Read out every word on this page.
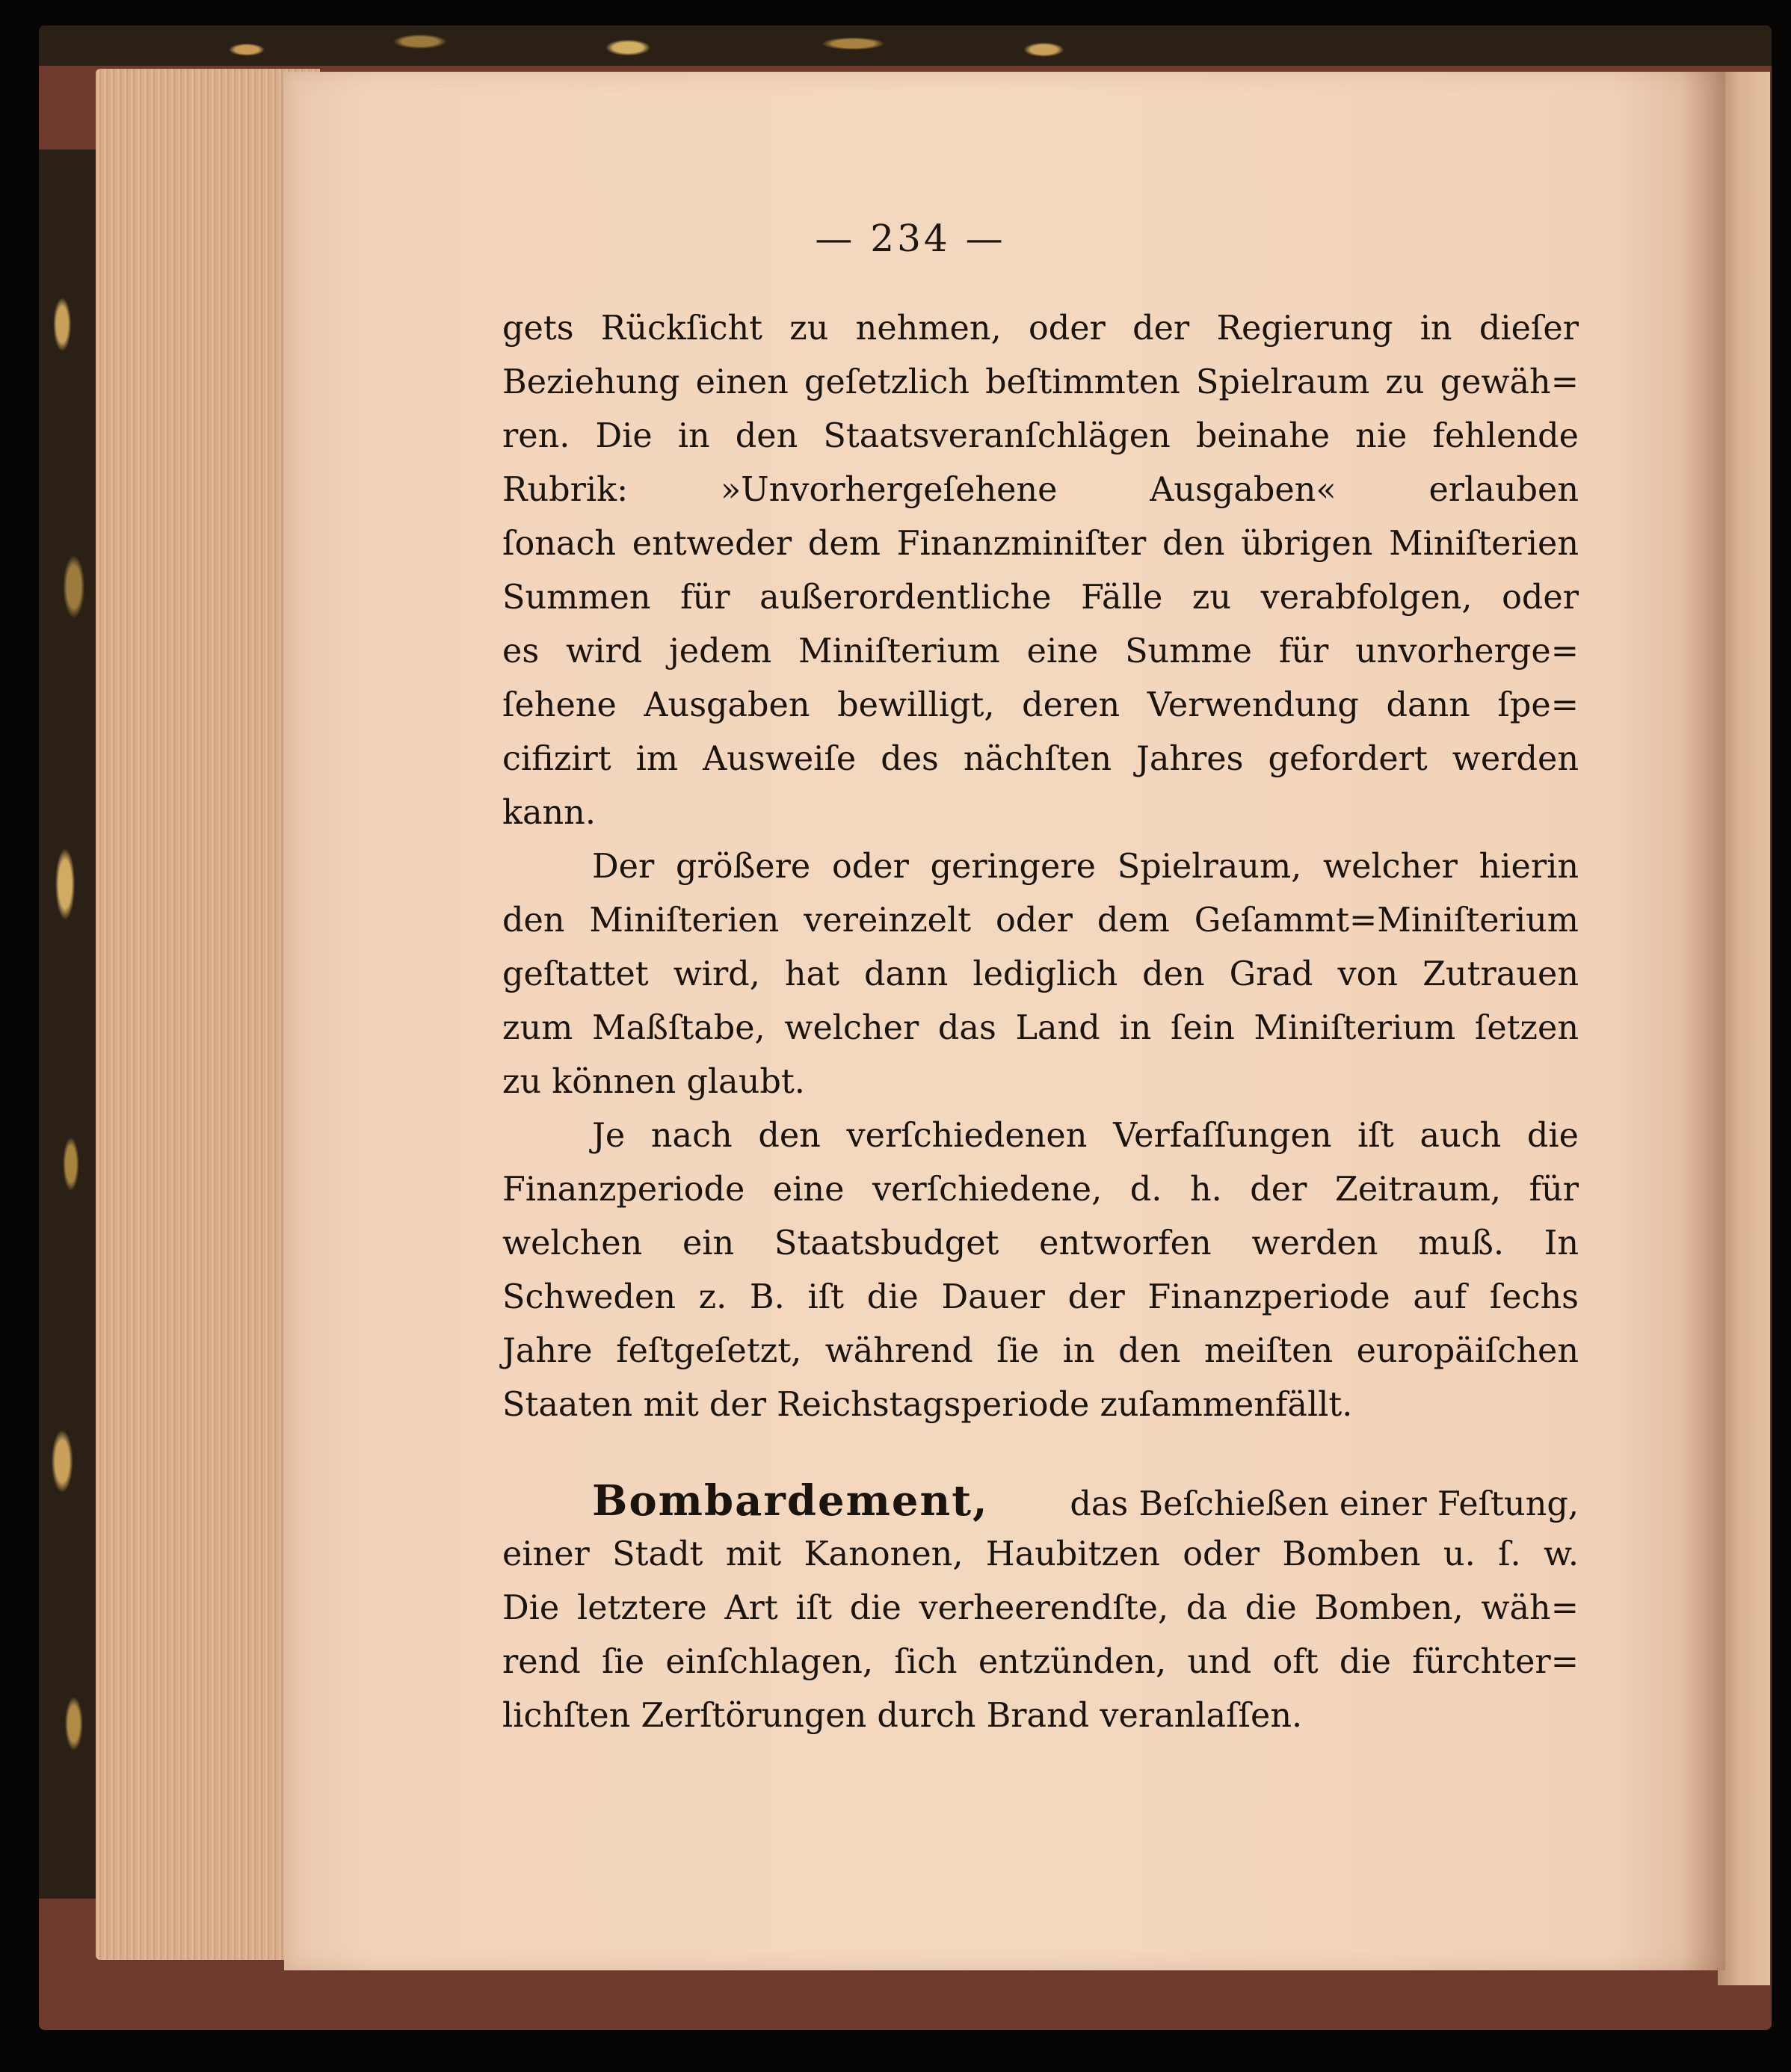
— 234 —
gets Rückſicht zu nehmen, oder der Regierung in dieſer
Beziehung einen geſetzlich beſtimmten Spielraum zu gewäh=
ren. Die in den Staatsveranſchlägen beinahe nie fehlende
Rubrik: »Unvorhergeſehene Ausgaben« erlauben
ſonach entweder dem Finanzminiſter den übrigen Miniſterien
Summen für außerordentliche Fälle zu verabfolgen, oder
es wird jedem Miniſterium eine Summe für unvorherge=
ſehene Ausgaben bewilligt, deren Verwendung dann ſpe=
cifizirt im Ausweiſe des nächſten Jahres gefordert werden
kann.
Der größere oder geringere Spielraum, welcher hierin
den Miniſterien vereinzelt oder dem Geſammt=Miniſterium
geſtattet wird, hat dann lediglich den Grad von Zutrauen
zum Maßſtabe, welcher das Land in ſein Miniſterium ſetzen
zu können glaubt.
Je nach den verſchiedenen Verfaſſungen iſt auch die
Finanzperiode eine verſchiedene, d. h. der Zeitraum, für
welchen ein Staatsbudget entworfen werden muß. In
Schweden z. B. iſt die Dauer der Finanzperiode auf ſechs
Jahre feſtgeſetzt, während ſie in den meiſten europäiſchen
Staaten mit der Reichstagsperiode zuſammenfällt.
Bombardement, das Beſchießen einer Feſtung,
einer Stadt mit Kanonen, Haubitzen oder Bomben u. ſ. w.
Die letztere Art iſt die verheerendſte, da die Bomben, wäh=
rend ſie einſchlagen, ſich entzünden, und oft die fürchter=
lichſten Zerſtörungen durch Brand veranlaſſen.
